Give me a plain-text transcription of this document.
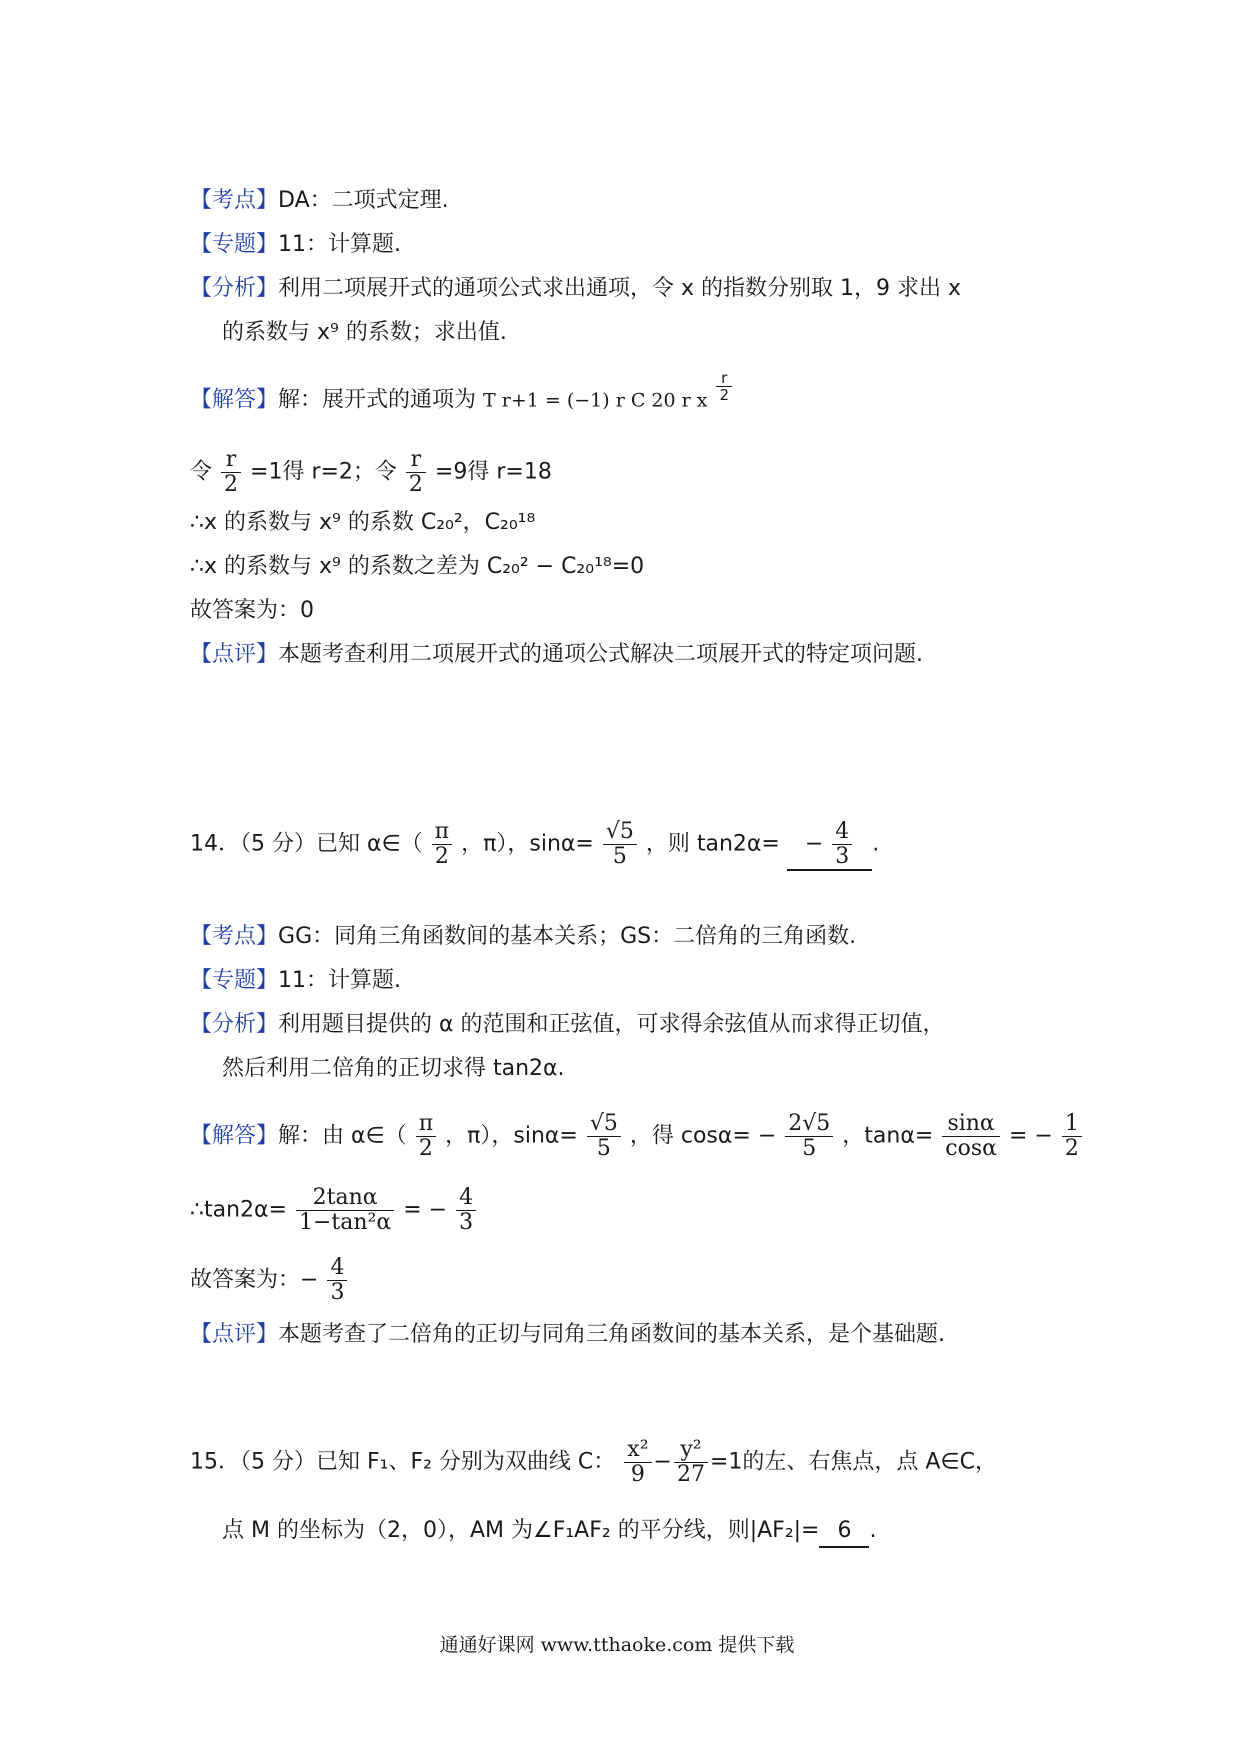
【考点】DA：二项式定理.
【专题】11：计算题.
【分析】利用二项展开式的通项公式求出通项，令 x 的指数分别取 1，9 求出 x
的系数与 x⁹ 的系数；求出值.
【解答】解：展开式的通项为 T r+1 = (−1) r C 20 r x $\frac{r}{2}$
令 $\frac{r}{2} =1$得 r=2；令 $\frac{r}{2} =9$得 r=18
∴x 的系数与 x⁹ 的系数 C₂₀²，C₂₀¹⁸
∴x 的系数与 x⁹ 的系数之差为 C₂₀² − C₂₀¹⁸=0
故答案为：0
【点评】本题考查利用二项展开式的通项公式解决二项展开式的特定项问题.
14．（5 分）已知 α∈（ $\frac{\pi}{2}$ ，π），$\sin\alpha= \frac{√5}{5}$ ，则 $\tan 2\alpha= - \frac{4}{3}$ .
【考点】GG：同角三角函数间的基本关系；GS：二倍角的三角函数.
【专题】11：计算题.
【分析】利用题目提供的 α 的范围和正弦值，可求得余弦值从而求得正切值，
然后利用二倍角的正切求得 tan2α.
【解答】解：由 α∈（ $\frac{\pi}{2}$ ，π），$\sin\alpha= \frac{√5}{5}$ ，得 $\cos\alpha= - \frac{2√5}{5}$ ，$\tan\alpha= \frac{\sin\alpha}{\cos\alpha}$ = − $\frac{1}{2}$
∴tan2α= $\frac{2\tan\alpha}{\text{1−tan²α}}$ = − $\frac{4}{3}$
故答案为：− $\frac{4}{3}$
【点评】本题考查了二倍角的正切与同角三角函数间的基本关系，是个基础题.
15．（5 分）已知 F₁、F₂ 分别为双曲线 C： $\frac{\text{x²}}{9} - \frac{\text{y²}}{27} =1$的左、右焦点，点 A∈C，
点 M 的坐标为（2，0），AM 为∠F₁AF₂ 的平分线，则|AF₂|= 6 .
通通好课网 www.tthaoke.com 提供下载
